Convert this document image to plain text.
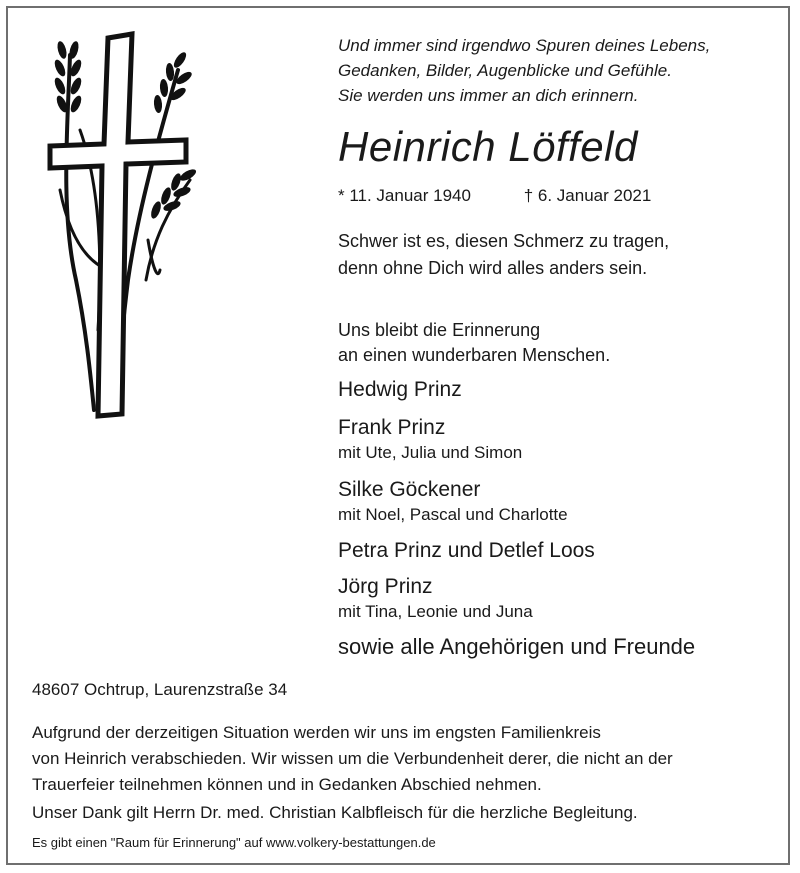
Und immer sind irgendwo Spuren deines Lebens,
Gedanken, Bilder, Augenblicke und Gefühle.
Sie werden uns immer an dich erinnern.
Heinrich Löffeld
* 11. Januar 1940	† 6. Januar 2021
Schwer ist es, diesen Schmerz zu tragen,
denn ohne Dich wird alles anders sein.
Uns bleibt die Erinnerung
an einen wunderbaren Menschen.
Hedwig Prinz
Frank Prinz
mit Ute, Julia und Simon
Silke Göckener
mit Noel, Pascal und Charlotte
Petra Prinz und Detlef Loos
Jörg Prinz
mit Tina, Leonie und Juna
sowie alle Angehörigen und Freunde
48607 Ochtrup, Laurenzstraße 34
Aufgrund der derzeitigen Situation werden wir uns im engsten Familienkreis
von Heinrich verabschieden. Wir wissen um die Verbundenheit derer, die nicht an der
Trauerfeier teilnehmen können und in Gedanken Abschied nehmen.
Unser Dank gilt Herrn Dr. med. Christian Kalbfleisch für die herzliche Begleitung.
Es gibt einen "Raum für Erinnerung" auf www.volkery-bestattungen.de
